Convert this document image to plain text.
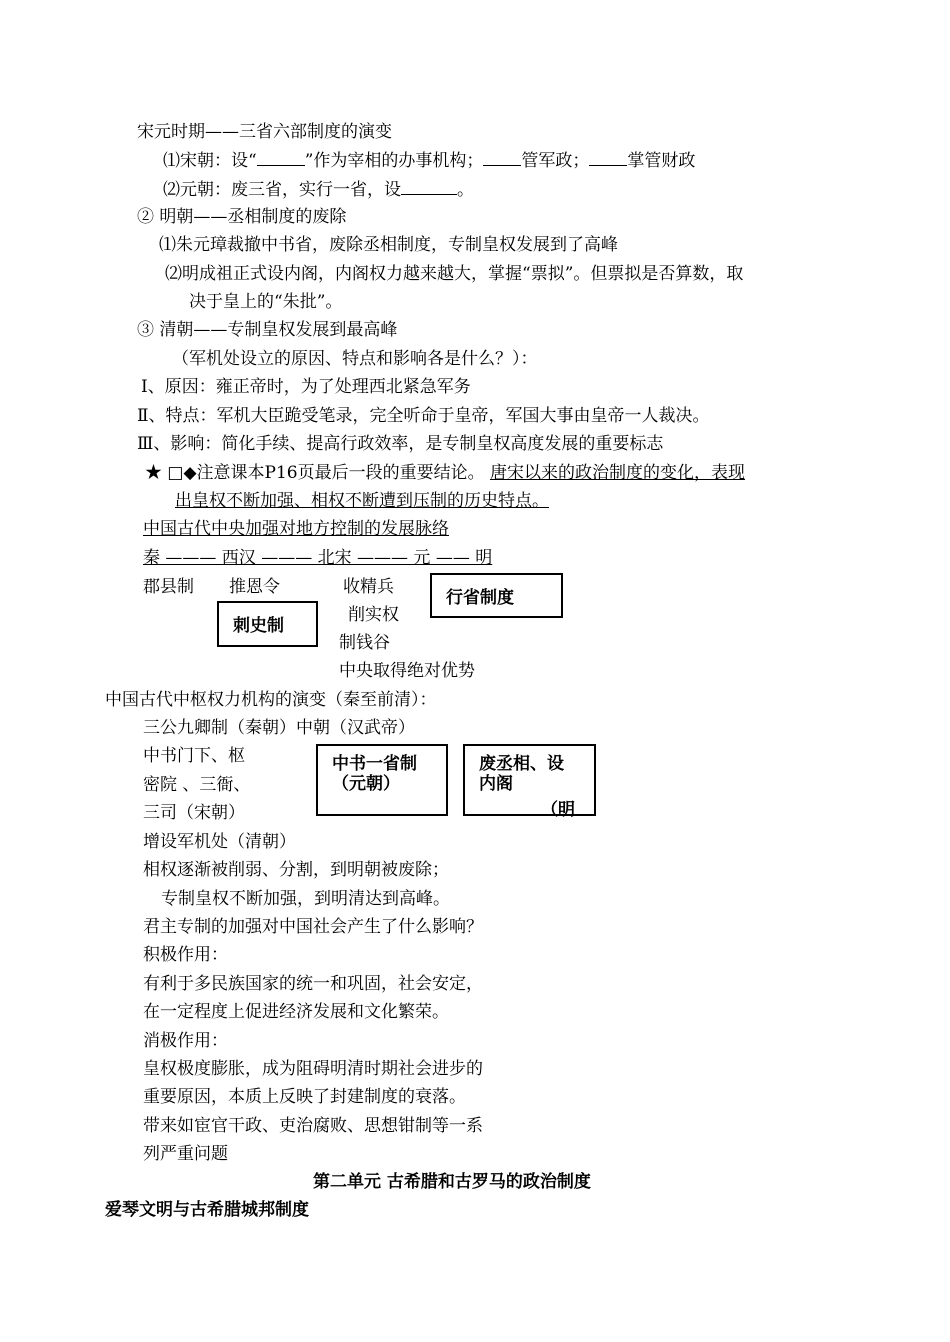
宋元时期——三省六部制度的演变
⑴宋朝：设“	”作为宰相的办事机构； 管军政； 掌管财政
⑵元朝：废三省，实行一省，设	。
② 明朝——丞相制度的废除
⑴朱元璋裁撤中书省，废除丞相制度，专制皇权发展到了高峰
⑵明成祖正式设内阁，内阁权力越来越大，掌握“票拟”。但票拟是否算数，取
决于皇上的“朱批”。
③ 清朝——专制皇权发展到最高峰
（军机处设立的原因、特点和影响各是什么？）：
Ⅰ、原因：雍正帝时，为了处理西北紧急军务
Ⅱ、特点：军机大臣跪受笔录，完全听命于皇帝，军国大事由皇帝一人裁决。
Ⅲ、影响：简化手续、提高行政效率，是专制皇权高度发展的重要标志
★ □◆注意课本P16页最后一段的重要结论。 唐宋以来的政治制度的变化，表现
出皇权不断加强、相权不断遭到压制的历史特点。
中国古代中央加强对地方控制的发展脉络
秦 ——— 西汉 ——— 北宋 ——— 元 —— 明
郡县制 推恩令	收精兵
削实权
制钱谷
中央取得绝对优势
行省制度
刺史制
中国古代中枢权力机构的演变（秦至前清）：
三公九卿制（秦朝）中朝（汉武帝）
中书门下、枢
密院 、三衙、
三司（宋朝）
中书一省制
（元朝）
废丞相、设
内阁
（明
增设军机处（清朝）
相权逐渐被削弱、分割，到明朝被废除；
专制皇权不断加强，到明清达到高峰。
君主专制的加强对中国社会产生了什么影响？
积极作用：
有利于多民族国家的统一和巩固，社会安定，
在一定程度上促进经济发展和文化繁荣。
消极作用：
皇权极度膨胀，成为阻碍明清时期社会进步的
重要原因，本质上反映了封建制度的衰落。
带来如宦官干政、吏治腐败、思想钳制等一系
列严重问题
第二单元 古希腊和古罗马的政治制度
爱琴文明与古希腊城邦制度
